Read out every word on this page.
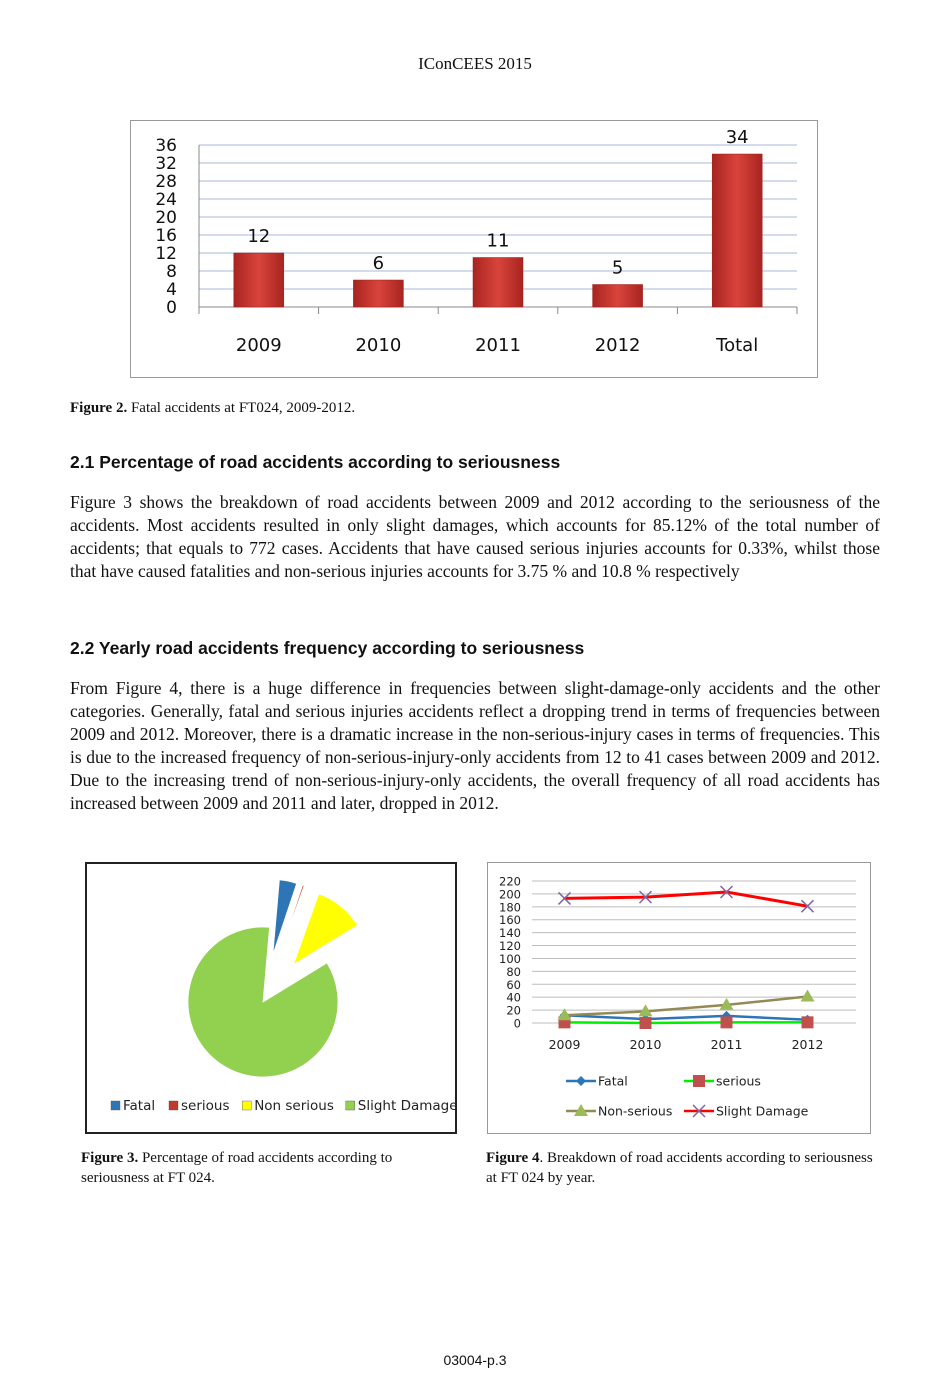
IConCEES 2015
0
4
8
12
16
20
24
28
32
36
12
2009
6
2010
11
2011
5
2012
34
Total
Figure 2. Fatal accidents at FT024, 2009-2012.
2.1 Percentage of road accidents according to seriousness
Figure 3 shows the breakdown of road accidents between 2009 and 2012 according to the seriousness of the accidents. Most accidents resulted in only slight damages, which accounts for 85.12% of the total number of accidents; that equals to 772 cases. Accidents that have caused serious injuries accounts for 0.33%, whilst those that have caused fatalities and non-serious injuries accounts for 3.75 % and 10.8 % respectively
2.2 Yearly road accidents frequency according to seriousness
From Figure 4, there is a huge difference in frequencies between slight-damage-only accidents and the other categories. Generally, fatal and serious injuries accidents reflect a dropping trend in terms of frequencies between 2009 and 2012. Moreover, there is a dramatic increase in the non-serious-injury cases in terms of frequencies. This is due to the increased frequency of non-serious-injury-only accidents from 12 to 41 cases between 2009 and 2012. Due to the increasing trend of non-serious-injury-only accidents, the overall frequency of all road accidents has increased between 2009 and 2011 and later, dropped in 2012.
Fatal serious Non serious Slight Damage
Figure 3. Percentage of road accidents according to seriousness at FT 024.
0
20
40
60
80
100
120
140
160
180
200
220
2009	2010	2011	2012
Fatal	serious
Non-serious	Slight Damage
Figure 4. Breakdown of road accidents according to seriousness at FT 024 by year.
03004-p.3
